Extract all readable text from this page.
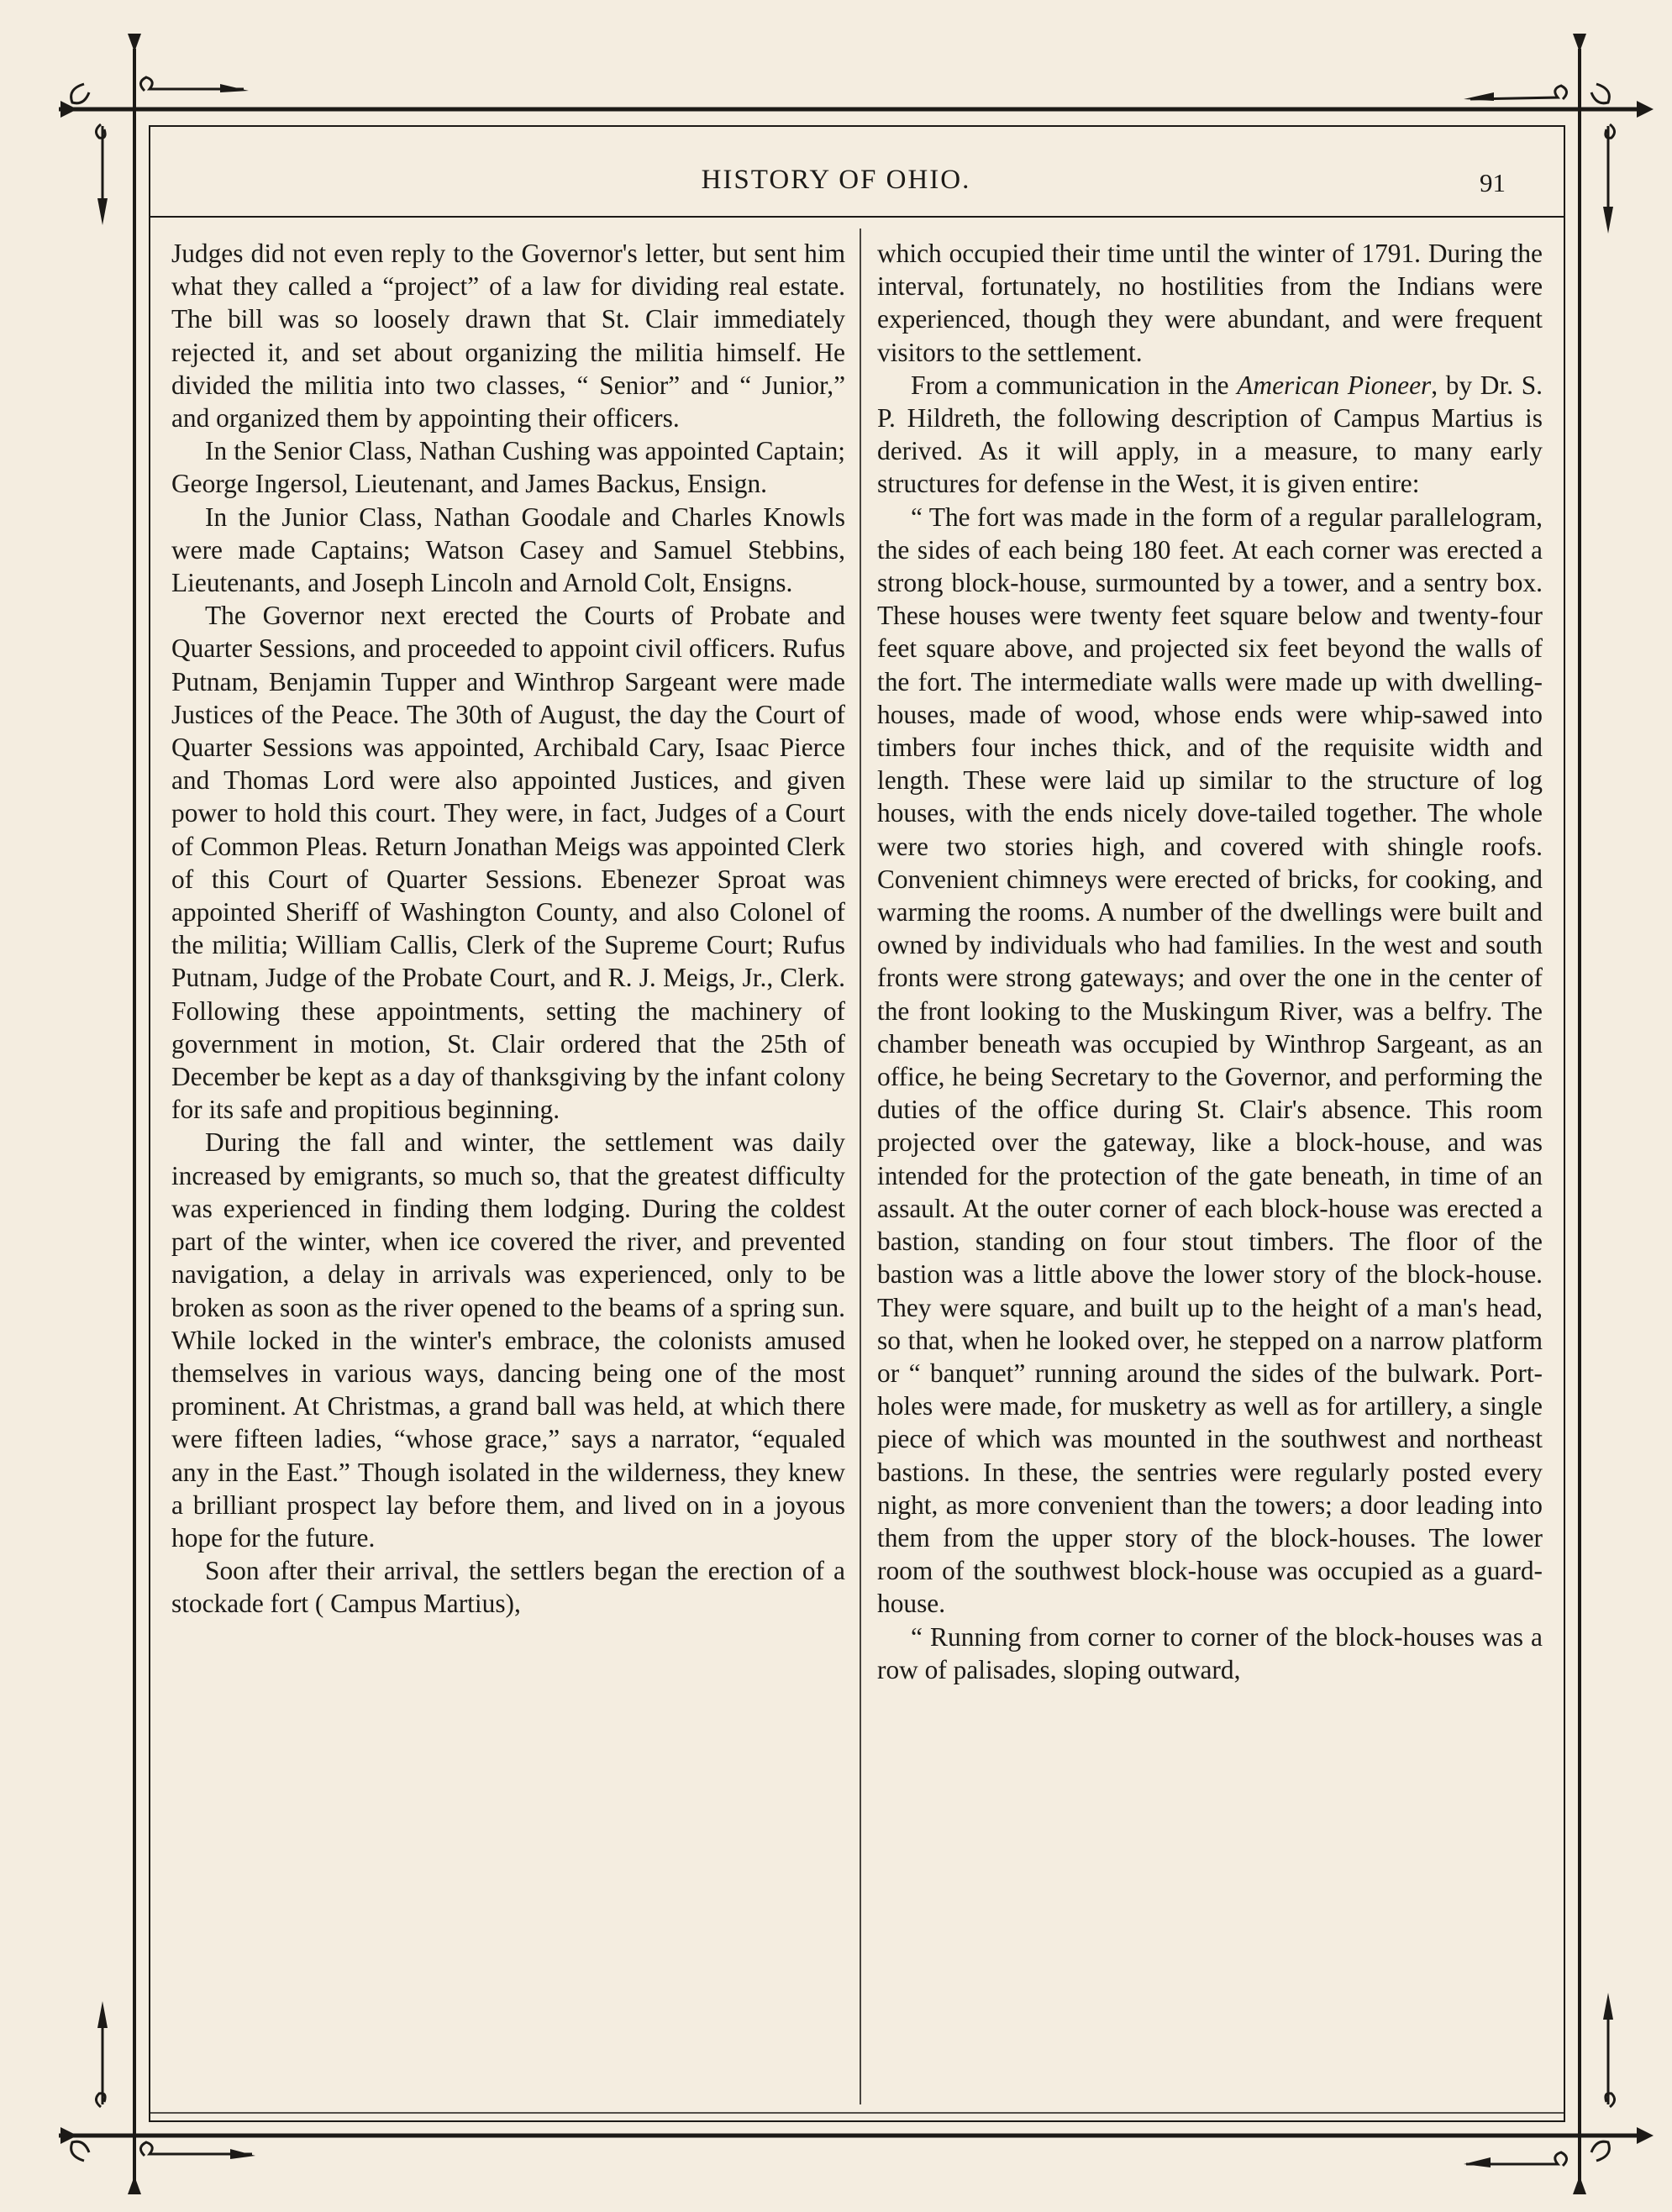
HISTORY OF OHIO.	91

Judges did not even reply to the Governor's letter, but sent him what they called a “project” of a law for dividing real estate. The bill was so loosely drawn that St. Clair immediately rejected it, and set about organizing the militia himself. He divided the militia into two classes, “ Senior” and “ Junior,” and organized them by appointing their officers.

In the Senior Class, Nathan Cushing was appointed Captain; George Ingersol, Lieutenant, and James Backus, Ensign.

In the Junior Class, Nathan Goodale and Charles Knowls were made Captains; Watson Casey and Samuel Stebbins, Lieutenants, and Joseph Lincoln and Arnold Colt, Ensigns.

The Governor next erected the Courts of Probate and Quarter Sessions, and proceeded to appoint civil officers. Rufus Putnam, Benjamin Tupper and Winthrop Sargeant were made Justices of the Peace. The 30th of August, the day the Court of Quarter Sessions was appointed, Archibald Cary, Isaac Pierce and Thomas Lord were also appointed Justices, and given power to hold this court. They were, in fact, Judges of a Court of Common Pleas. Return Jonathan Meigs was appointed Clerk of this Court of Quarter Sessions. Ebenezer Sproat was appointed Sheriff of Washington County, and also Colonel of the militia; William Callis, Clerk of the Supreme Court; Rufus Putnam, Judge of the Probate Court, and R. J. Meigs, Jr., Clerk. Following these appointments, setting the machinery of government in motion, St. Clair ordered that the 25th of December be kept as a day of thanksgiving by the infant colony for its safe and propitious beginning.

During the fall and winter, the settlement was daily increased by emigrants, so much so, that the greatest difficulty was experienced in finding them lodging. During the coldest part of the winter, when ice covered the river, and prevented navigation, a delay in arrivals was experienced, only to be broken as soon as the river opened to the beams of a spring sun. While locked in the winter's embrace, the colonists amused themselves in various ways, dancing being one of the most prominent. At Christmas, a grand ball was held, at which there were fifteen ladies, “whose grace,” says a narrator, “equaled any in the East.” Though isolated in the wilderness, they knew a brilliant prospect lay before them, and lived on in a joyous hope for the future.

Soon after their arrival, the settlers began the erection of a stockade fort ( Campus Martius),

which occupied their time until the winter of 1791. During the interval, fortunately, no hostilities from the Indians were experienced, though they were abundant, and were frequent visitors to the settlement.

From a communication in the American Pioneer, by Dr. S. P. Hildreth, the following description of Campus Martius is derived. As it will apply, in a measure, to many early structures for defense in the West, it is given entire:

“ The fort was made in the form of a regular parallelogram, the sides of each being 180 feet. At each corner was erected a strong block-house, surmounted by a tower, and a sentry box. These houses were twenty feet square below and twenty-four feet square above, and projected six feet beyond the walls of the fort. The intermediate walls were made up with dwelling-houses, made of wood, whose ends were whip-sawed into timbers four inches thick, and of the requisite width and length. These were laid up similar to the structure of log houses, with the ends nicely dove-tailed together. The whole were two stories high, and covered with shingle roofs. Convenient chimneys were erected of bricks, for cooking, and warming the rooms. A number of the dwellings were built and owned by individuals who had families. In the west and south fronts were strong gateways; and over the one in the center of the front looking to the Muskingum River, was a belfry. The chamber beneath was occupied by Winthrop Sargeant, as an office, he being Secretary to the Governor, and performing the duties of the office during St. Clair's absence. This room projected over the gateway, like a block-house, and was intended for the protection of the gate beneath, in time of an assault. At the outer corner of each block-house was erected a bastion, standing on four stout timbers. The floor of the bastion was a little above the lower story of the block-house. They were square, and built up to the height of a man's head, so that, when he looked over, he stepped on a narrow platform or “ banquet” running around the sides of the bulwark. Port-holes were made, for musketry as well as for artillery, a single piece of which was mounted in the southwest and northeast bastions. In these, the sentries were regularly posted every night, as more convenient than the towers; a door leading into them from the upper story of the block-houses. The lower room of the southwest block-house was occupied as a guard-house.

“ Running from corner to corner of the block-houses was a row of palisades, sloping outward,
